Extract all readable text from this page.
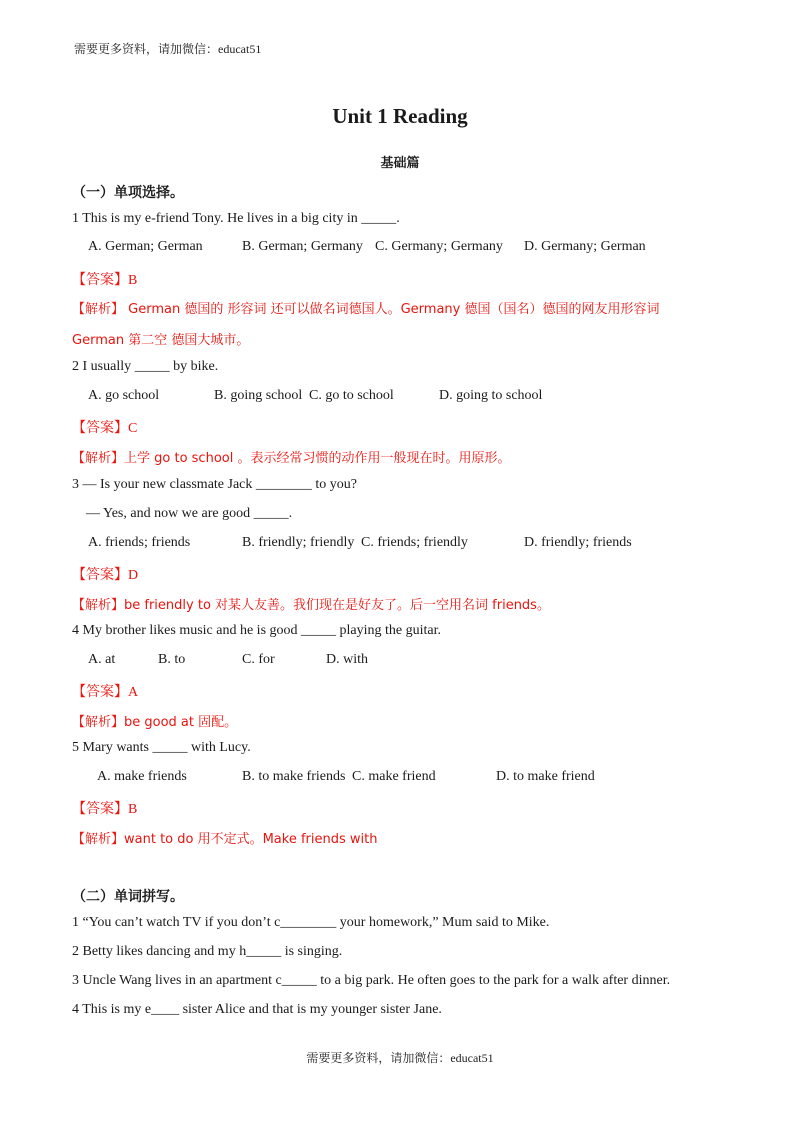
需要更多资料，请加微信：educat51
Unit 1 Reading
基础篇
（一）单项选择。
1 This is my e-friend Tony. He lives in a big city in _____.
A. German; German	B. German; Germany C. Germany; Germany D. Germany; German
【答案】B
【解析】 German 德国的 形容词 还可以做名词德国人。Germany 德国（国名）德国的网友用形容词
German 第二空 德国大城市。
2 I usually _____ by bike.
A. go school	B. going school C. go to school	D. going to school
【答案】C
【解析】上学 go to school 。表示经常习惯的动作用一般现在时。用原形。
3 — Is your new classmate Jack ________ to you?
— Yes, and now we are good _____.
A. friends; friends	B. friendly; friendly C. friends; friendly	D. friendly; friends
【答案】D
【解析】be friendly to 对某人友善。我们现在是好友了。后一空用名词 friends。
4 My brother likes music and he is good _____ playing the guitar.
A. at	B. to	C. for	D. with
【答案】A
【解析】be good at 固配。
5 Mary wants _____ with Lucy.
A. make friends	B. to make friends C. make friend	D. to make friend
【答案】B
【解析】want to do 用不定式。Make friends with
（二）单词拼写。
1 “You can’t watch TV if you don’t c________ your homework,” Mum said to Mike.
2 Betty likes dancing and my h_____ is singing.
3 Uncle Wang lives in an apartment c_____ to a big park. He often goes to the park for a walk after dinner.
4 This is my e____ sister Alice and that is my younger sister Jane.
需要更多资料，请加微信：educat51
